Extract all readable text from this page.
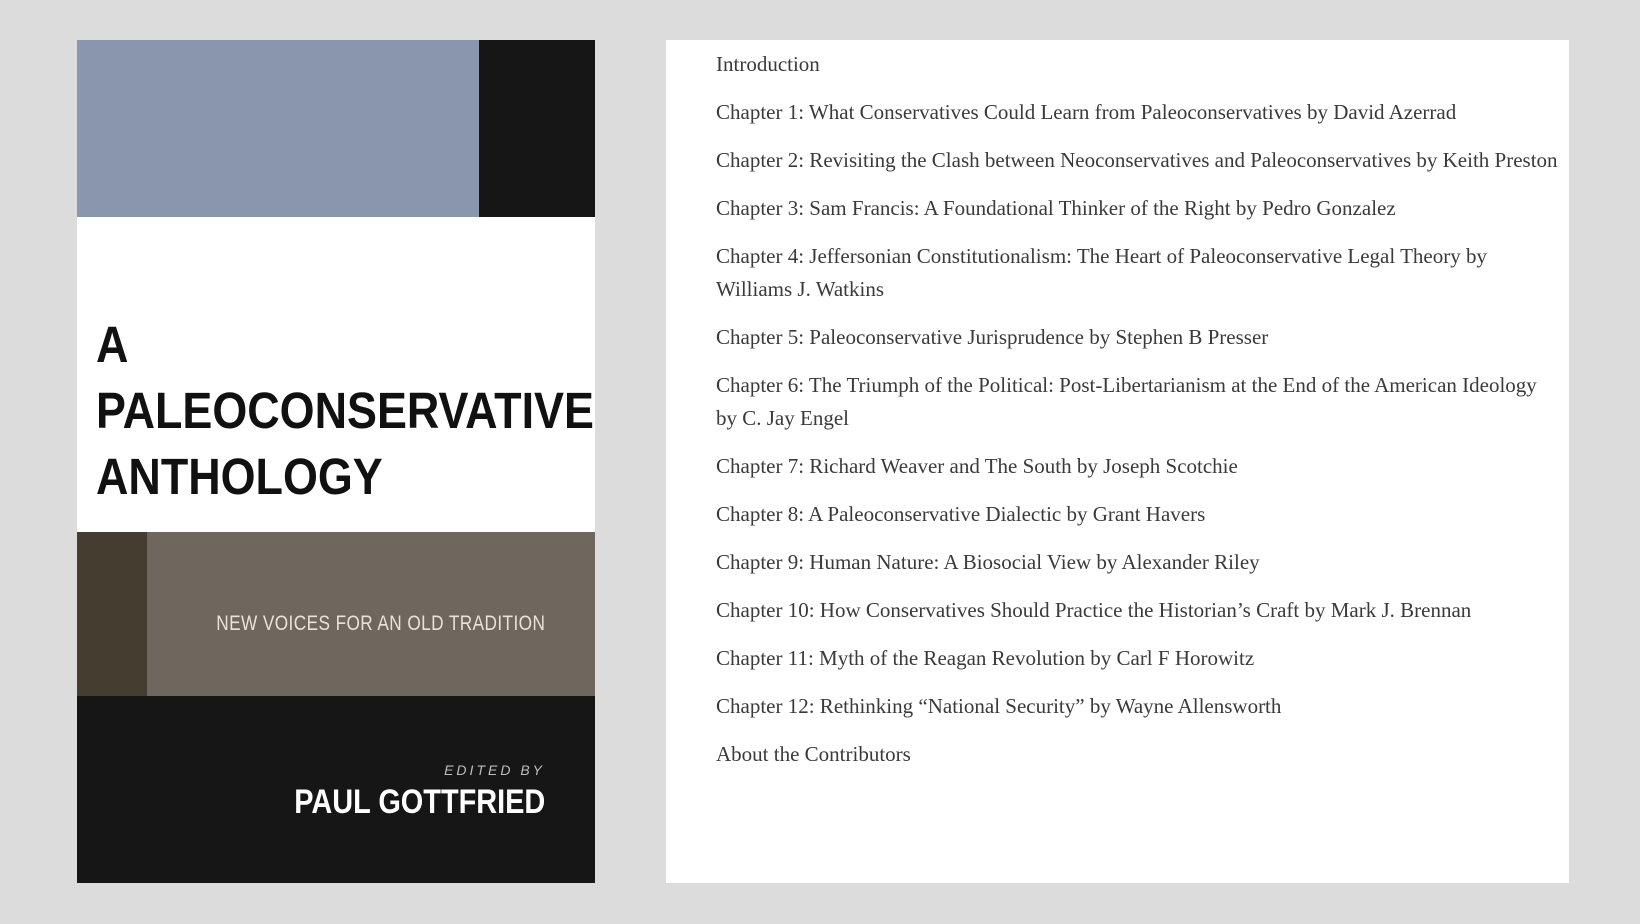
A PALEOCONSERVATIVE
ANTHOLOGY

NEW VOICES FOR AN OLD TRADITION

EDITED BY

PAUL GOTTFRIED

Introduction
Chapter 1: What Conservatives Could Learn from Paleoconservatives by David Azerrad
Chapter 2: Revisiting the Clash between Neoconservatives and Paleoconservatives by Keith Preston
Chapter 3: Sam Francis: A Foundational Thinker of the Right by Pedro Gonzalez
Chapter 4: Jeffersonian Constitutionalism: The Heart of Paleoconservative Legal Theory by Williams J. Watkins
Chapter 5: Paleoconservative Jurisprudence by Stephen B Presser
Chapter 6: The Triumph of the Political: Post-Libertarianism at the End of the American Ideology by C. Jay Engel
Chapter 7: Richard Weaver and The South by Joseph Scotchie
Chapter 8: A Paleoconservative Dialectic by Grant Havers
Chapter 9: Human Nature: A Biosocial View by Alexander Riley
Chapter 10: How Conservatives Should Practice the Historian’s Craft by Mark J. Brennan
Chapter 11: Myth of the Reagan Revolution by Carl F Horowitz
Chapter 12: Rethinking “National Security” by Wayne Allensworth
About the Contributors
